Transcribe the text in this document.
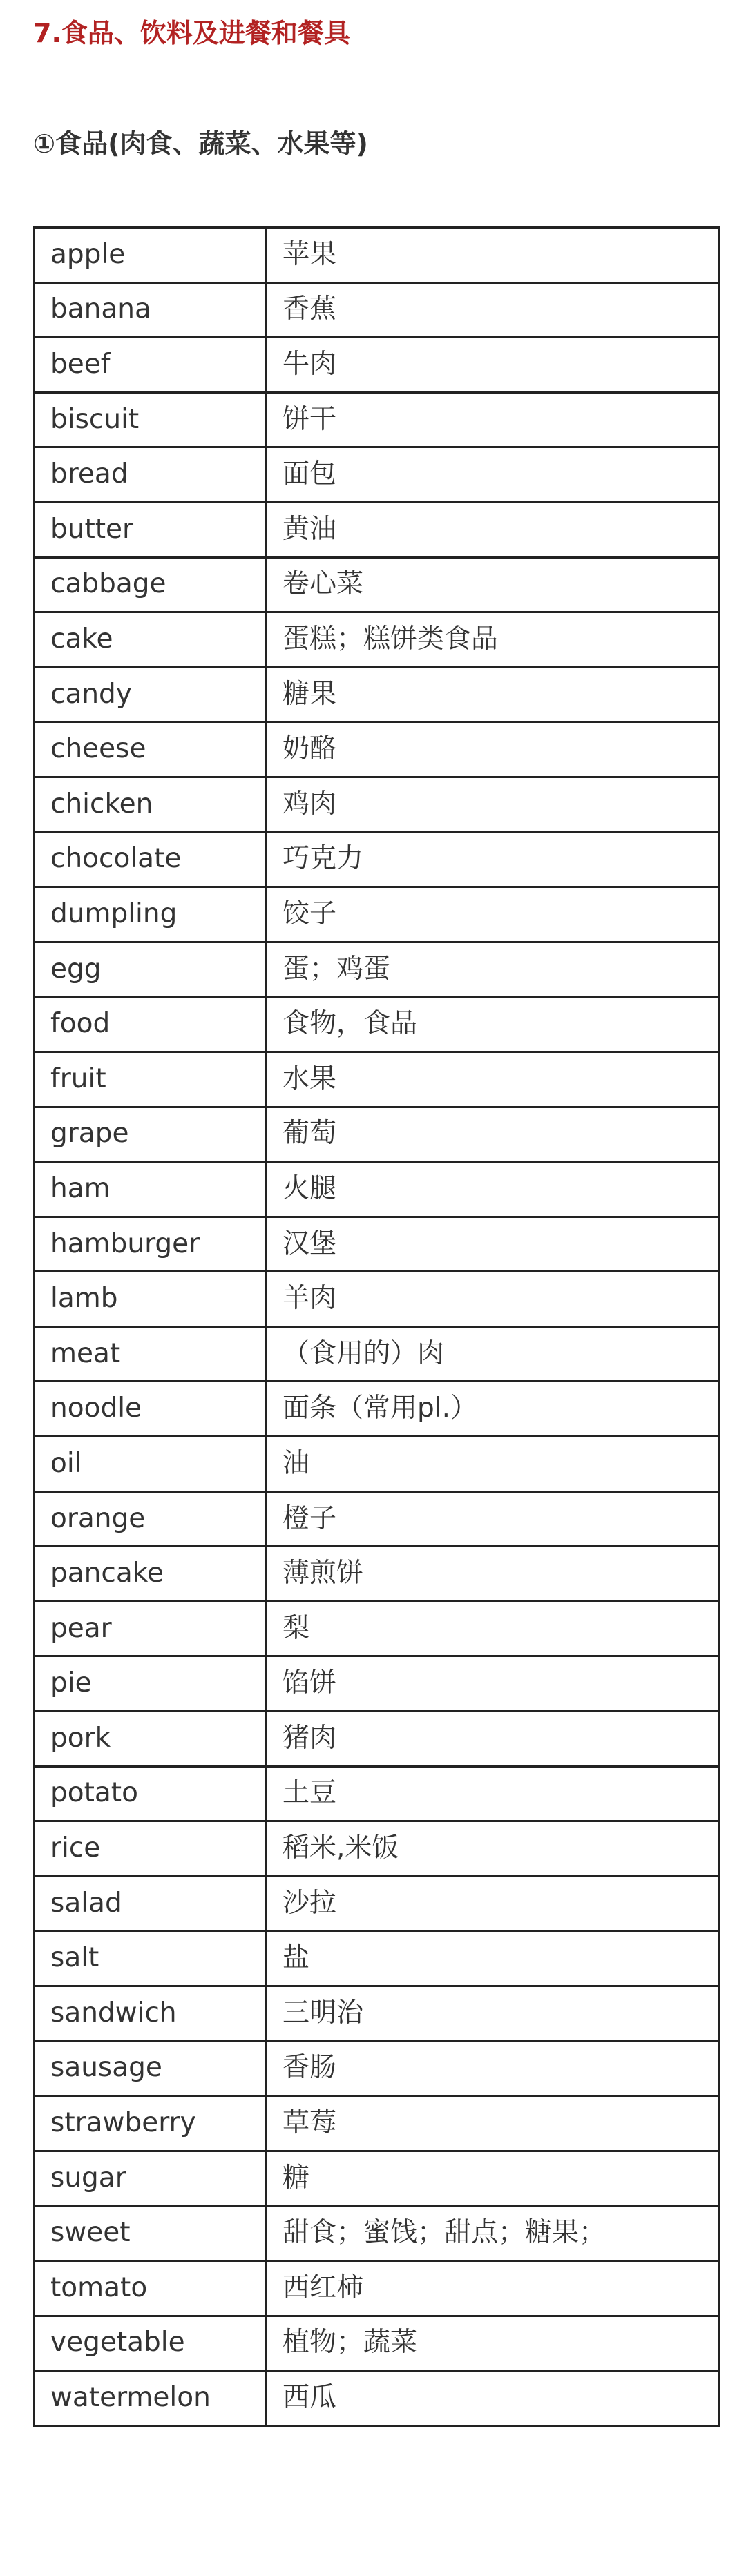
7.食品、饮料及进餐和餐具
①食品(肉食、蔬菜、水果等)
apple	苹果
banana	香蕉
beef	牛肉
biscuit	饼干
bread	面包
butter	黄油
cabbage	卷心菜
cake	蛋糕；糕饼类食品
candy	糖果
cheese	奶酪
chicken	鸡肉
chocolate	巧克力
dumpling	饺子
egg	蛋；鸡蛋
food	食物，食品
fruit	水果
grape	葡萄
ham	火腿
hamburger	汉堡
lamb	羊肉
meat	（食用的）肉
noodle	面条（常用pl.）
oil	油
orange	橙子
pancake	薄煎饼
pear	梨
pie	馅饼
pork	猪肉
potato	土豆
rice	稻米,米饭
salad	沙拉
salt	盐
sandwich	三明治
sausage	香肠
strawberry	草莓
sugar	糖
sweet	甜食；蜜饯；甜点；糖果；
tomato	西红柿
vegetable	植物；蔬菜
watermelon	西瓜
